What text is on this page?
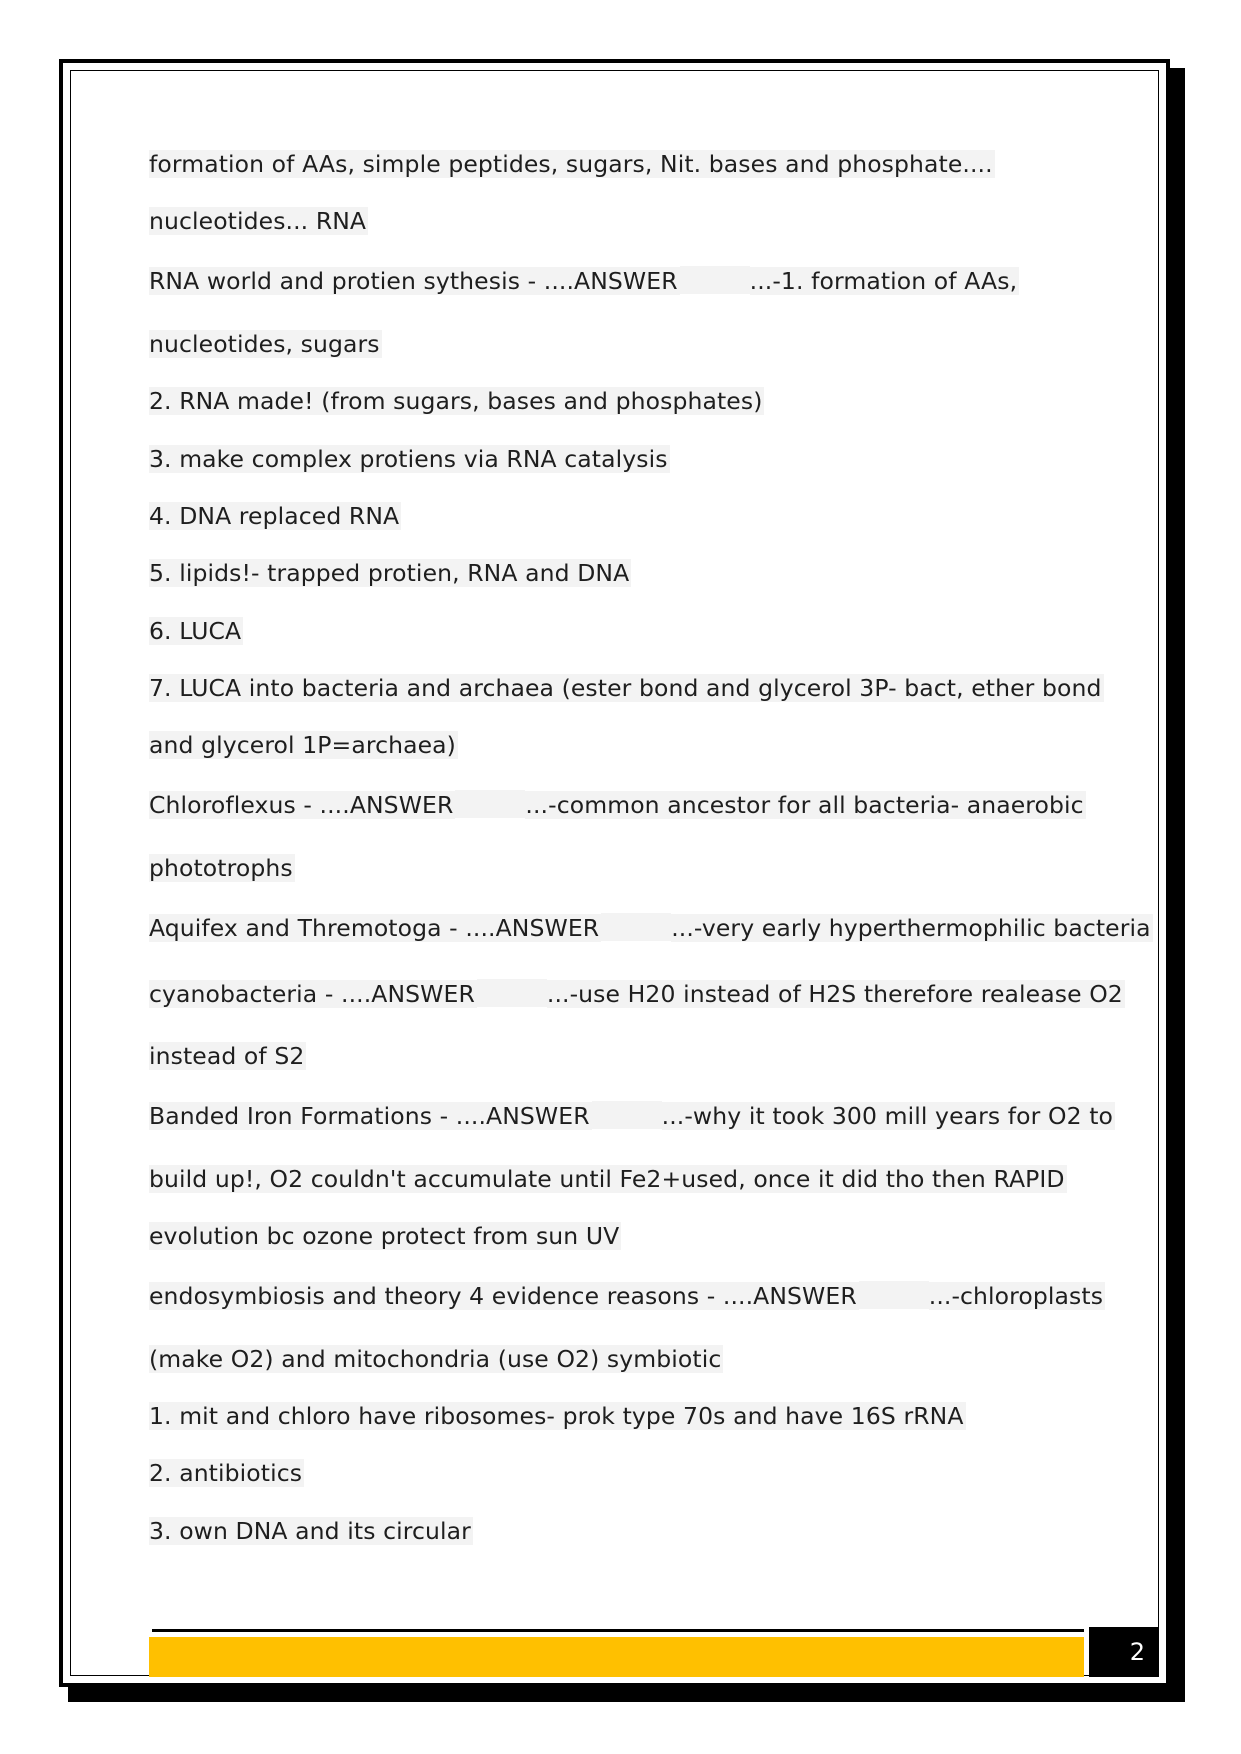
formation of AAs, simple peptides, sugars, Nit. bases and phosphate....
nucleotides... RNA
RNA world and protien sythesis - ....ANSWER	...-1. formation of AAs,
nucleotides, sugars
2. RNA made! (from sugars, bases and phosphates)
3. make complex protiens via RNA catalysis
4. DNA replaced RNA
5. lipids!- trapped protien, RNA and DNA
6. LUCA
7. LUCA into bacteria and archaea (ester bond and glycerol 3P- bact, ether bond
and glycerol 1P=archaea)
Chloroflexus - ....ANSWER	...-common ancestor for all bacteria- anaerobic
phototrophs
Aquifex and Thremotoga - ....ANSWER	...-very early hyperthermophilic bacteria
cyanobacteria - ....ANSWER	...-use H20 instead of H2S therefore realease O2
instead of S2
Banded Iron Formations - ....ANSWER	...-why it took 300 mill years for O2 to
build up!, O2 couldn't accumulate until Fe2+used, once it did tho then RAPID
evolution bc ozone protect from sun UV
endosymbiosis and theory 4 evidence reasons - ....ANSWER	...-chloroplasts
(make O2) and mitochondria (use O2) symbiotic
1. mit and chloro have ribosomes- prok type 70s and have 16S rRNA
2. antibiotics
3. own DNA and its circular
2
